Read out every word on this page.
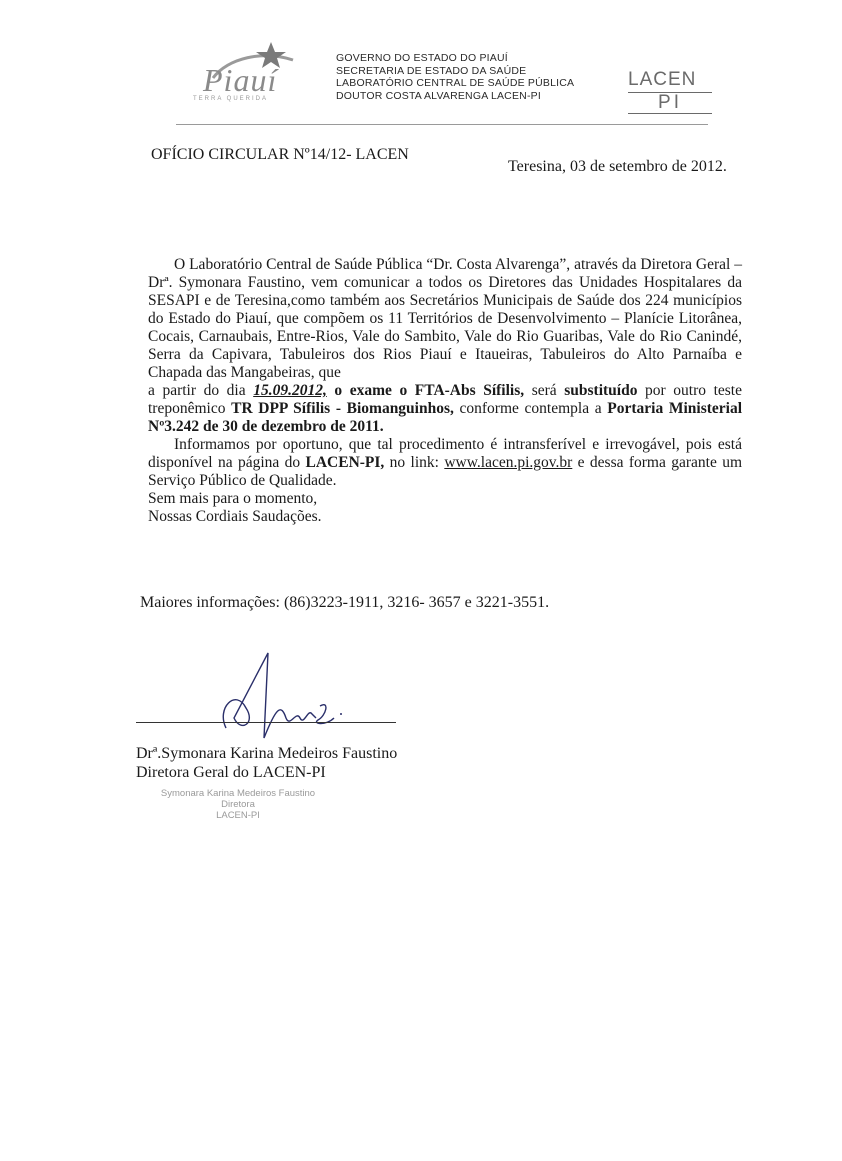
Piauí
TERRA QUERIDA
GOVERNO DO ESTADO DO PIAUÍ
SECRETARIA DE ESTADO DA SAÚDE
LABORATÓRIO CENTRAL DE SAÚDE PÚBLICA
DOUTOR COSTA ALVARENGA LACEN-PI
LACEN
PI
OFÍCIO CIRCULAR Nº14/12- LACEN
Teresina, 03 de setembro de 2012.

O Laboratório Central de Saúde Pública “Dr. Costa Alvarenga”, através da Diretora Geral – Drª. Symonara Faustino, vem comunicar a todos os Diretores das Unidades Hospitalares da SESAPI e de Teresina,como também aos Secretários Municipais de Saúde dos 224 municípios do Estado do Piauí, que compõem os 11 Territórios de Desenvolvimento – Planície Litorânea, Cocais, Carnaubais, Entre-Rios, Vale do Sambito, Vale do Rio Guaribas, Vale do Rio Canindé, Serra da Capivara, Tabuleiros dos Rios Piauí e Itaueiras, Tabuleiros do Alto Parnaíba e Chapada das Mangabeiras, que

a partir do dia 15.09.2012, o exame o FTA-Abs Sífilis, será substituído por outro teste treponêmico TR DPP Sífilis - Biomanguinhos, conforme contempla a Portaria Ministerial Nº3.242 de 30 de dezembro de 2011.

Informamos por oportuno, que tal procedimento é intransferível e irrevogável, pois está disponível na página do LACEN-PI, no link: www.lacen.pi.gov.br e dessa forma garante um Serviço Público de Qualidade.

Sem mais para o momento,

Nossas Cordiais Saudações.

Maiores informações: (86)3223-1911, 3216- 3657 e 3221-3551.
Drª.Symonara Karina Medeiros Faustino
Diretora Geral do LACEN-PI
Symonara Karina Medeiros Faustino
Diretora
LACEN-PI
